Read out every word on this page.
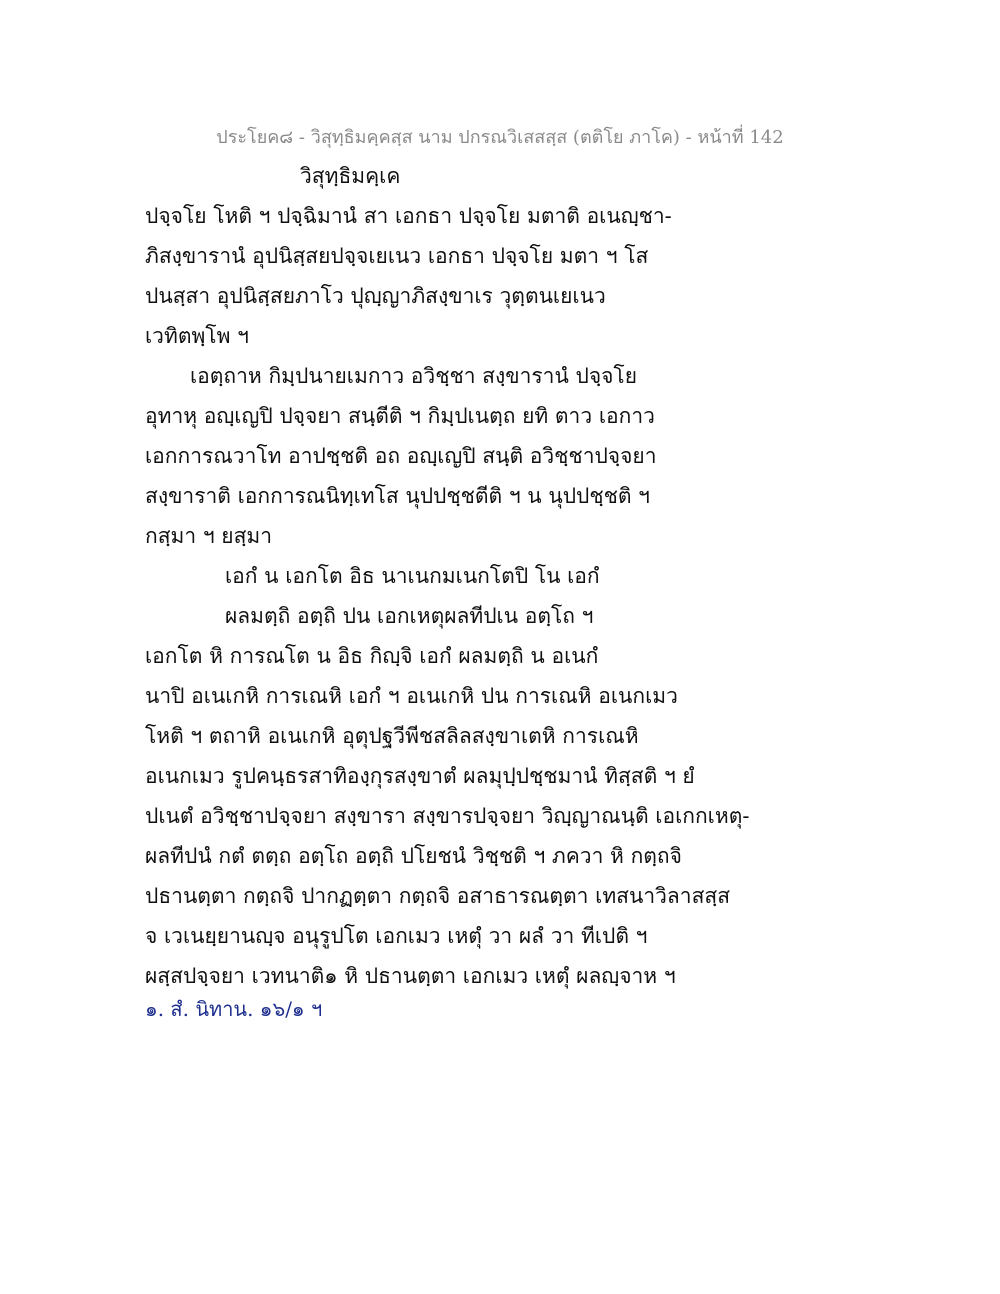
ประโยค๘ - วิสุทฺธิมคฺคสฺส นาม ปกรณวิเสสสฺส (ตติโย ภาโค) - หน้าที่ 142
วิสุทฺธิมคฺเค
ปจฺจโย โหติ ฯ ปจฺฉิมานํ สา เอกธา ปจฺจโย มตาติ อเนญฺชา-
ภิสงฺขารานํ อุปนิสฺสยปจฺจเยเนว เอกธา ปจฺจโย มตา ฯ โส
ปนสฺสา อุปนิสฺสยภาโว ปุญฺญาภิสงฺขาเร วุตฺตนเยเนว
เวทิตพฺโพ ฯ
เอตฺถาห กิมฺปนายเมกาว อวิชฺชา สงฺขารานํ ปจฺจโย
อุทาหุ อญฺเญปิ ปจฺจยา สนฺตีติ ฯ กิมฺปเนตฺถ ยทิ ตาว เอกาว
เอกการณวาโท อาปชฺชติ อถ อญฺเญปิ สนฺติ อวิชฺชาปจฺจยา
สงฺขาราติ เอกการณนิทฺเทโส นุปปชฺชตีติ ฯ น นุปปชฺชติ ฯ
กสฺมา ฯ ยสฺมา
เอกํ น เอกโต อิธ นาเนกมเนกโตปิ โน เอกํ
ผลมตฺถิ อตฺถิ ปน เอกเหตุผลทีปเน อตฺโถ ฯ
เอกโต หิ การณโต น อิธ กิญฺจิ เอกํ ผลมตฺถิ น อเนกํ
นาปิ อเนเกหิ การเณหิ เอกํ ฯ อเนเกหิ ปน การเณหิ อเนกเมว
โหติ ฯ ตถาหิ อเนเกหิ อุตุปฐวีพีชสลิลสงฺขาเตหิ การเณหิ
อเนกเมว รูปคนฺธรสาทิองฺกุรสงฺขาตํ ผลมุปฺปชฺชมานํ ทิสฺสติ ฯ ยํ
ปเนตํ อวิชฺชาปจฺจยา สงฺขารา สงฺขารปจฺจยา วิญฺญาณนฺติ เอเกกเหตุ-
ผลทีปนํ กตํ ตตฺถ อตฺโถ อตฺถิ ปโยชนํ วิชฺชติ ฯ ภควา หิ กตฺถจิ
ปธานตฺตา กตฺถจิ ปากฏตฺตา กตฺถจิ อสาธารณตฺตา เทสนาวิลาสสฺส
จ เวเนยฺยานญฺจ อนุรูปโต เอกเมว เหตุํ วา ผลํ วา ทีเปติ ฯ
ผสฺสปจฺจยา เวทนาติ๑ หิ ปธานตฺตา เอกเมว เหตุํ ผลญฺจาห ฯ
๑. สํ. นิทาน. ๑๖/๑ ฯ
